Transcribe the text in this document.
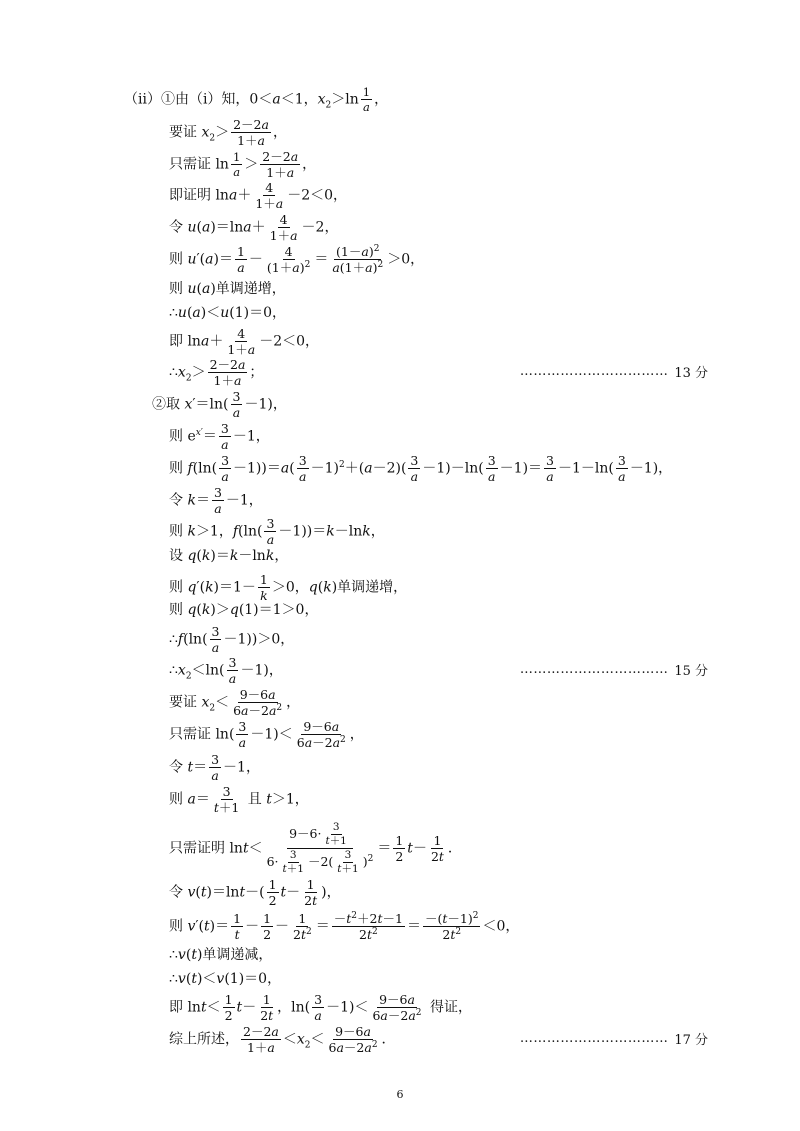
（ⅱ）①由（ⅰ）知，0＜a＜1，$x_2>\ln \frac{1}{a}$ ，
要证 $x_2> \frac{2-2a}{1+a}$ ，
只需证 $\ln \frac{1}{a} > \frac{2-2a}{1+a}$ ，
即证明 $\ln a+ \frac{4}{1+a} -2<0$，
令 $u(a)=\ln a+ \frac{4}{1+a} -2$，
则 $u'(a)= \frac{1}{a} - \frac{4}{(1+a)^2} = \frac{(1-a)^2}{a(1+a)^2} >0$，
则 u(a)单调递增，
∴u(a)＜u(1)＝0，
即 $\ln a+ \frac{4}{1+a} -2<0$，
$\therefore x_2> \frac{2-2a}{1+a}$ ；	…………………………… 13 分
②取 $x'=\ln( \frac{3}{a} -1)$，
则 $e^{x'}= \frac{3}{a} -1$，
则 $f(\ln( \frac{3}{a} -1))=a( \frac{3}{a} -1)^2+(a-2)( \frac{3}{a} -1)-\ln( \frac{3}{a} -1)= \frac{3}{a} -1-\ln( \frac{3}{a} -1)$，
令 $k= \frac{3}{a} -1$，
则 k＞1，$f(\ln( \frac{3}{a} -1))=k-\ln k$，
设 q(k)＝k－lnk，
则 $q'(k)=1- \frac{1}{k} >0$，q(k)单调递增，
则 q(k)＞q(1)＝1＞0，
∴f(ln( $\frac{3}{a} -1))>0$，
$\therefore x_2<\ln( \frac{3}{a} -1)$，	…………………………… 15 分
要证 $x_2< \frac{9-6a}{6a-2a^2}$ ，
只需证 $\ln( \frac{3}{a} -1)< \frac{9-6a}{6a-2a^2}$ ，
令 $t= \frac{3}{a} -1$，
则 $a= \frac{3}{t+1}$ 且 t＞1，
只需证明 $\ln t< \frac{9-6\cdot \frac{3}{t+1}}{6\cdot \frac{3}{t+1} -2( \frac{3}{t+1} )^2} = \frac{1}{2} t- \frac{1}{2t}$ ．
令 $v(t)=\ln t-( \frac{1}{2} t- \frac{1}{2t}$ )，
则 $v'(t)= \frac{1}{t} - \frac{1}{2} - \frac{1}{2t^2} = \frac{-t^2+2t-1}{2t^2} = \frac{-(t-1)^2}{2t^2} <0$，
∴v(t)单调递减，
∴v(t)＜v(1)＝0，
即 $\ln t< \frac{1}{2} t- \frac{1}{2t}$ ，$\ln( \frac{3}{a} -1)< \frac{9-6a}{6a-2a^2}$ 得证，
综上所述， $\frac{2-2a}{1+a} <x_2< \frac{9-6a}{6a-2a^2}$ ．	…………………………… 17 分
6
